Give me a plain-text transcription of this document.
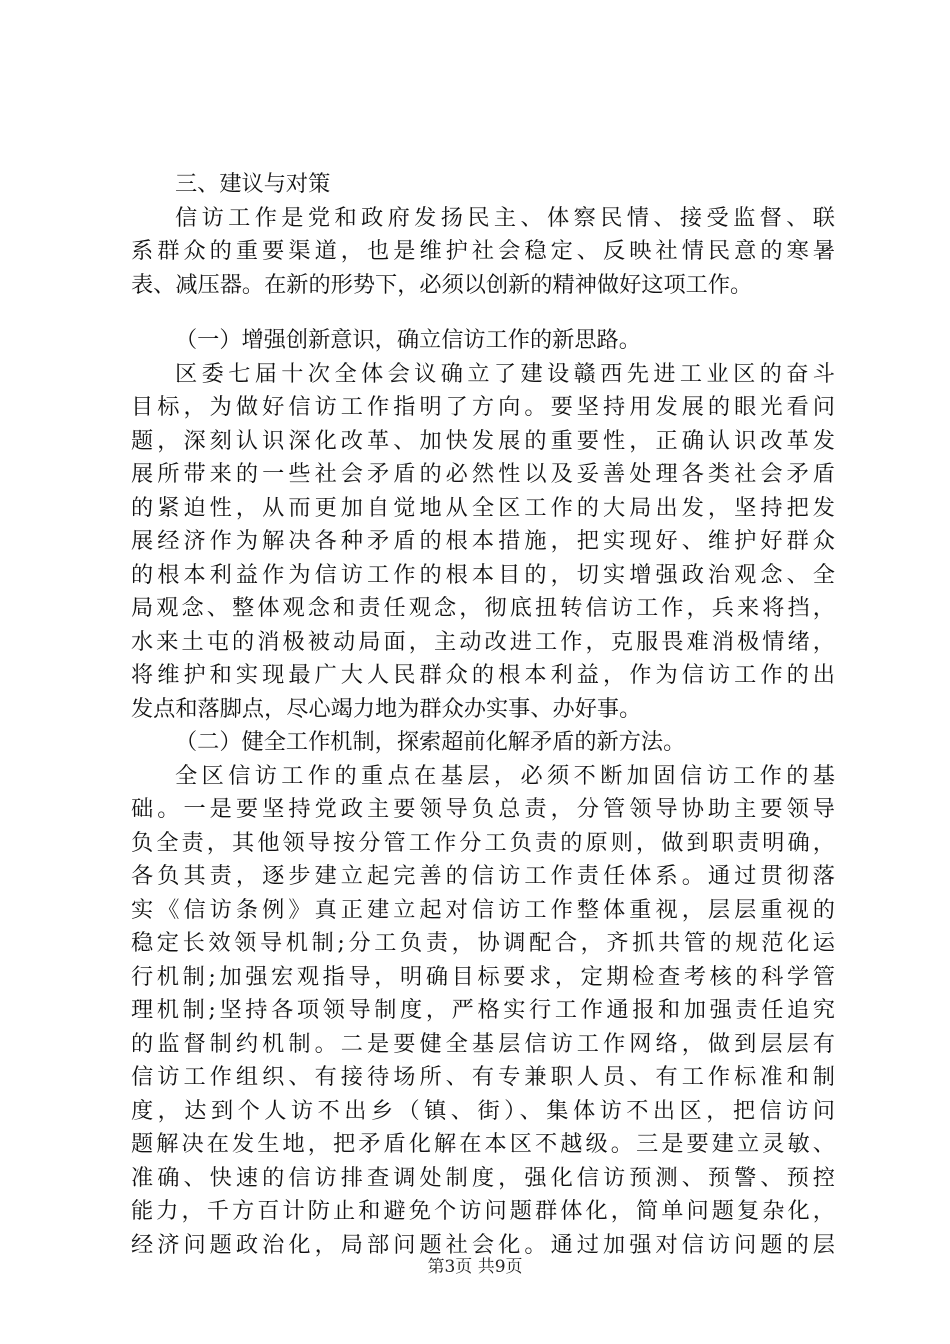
三、建议与对策
信访工作是党和政府发扬民主、体察民情、接受监督、联
系群众的重要渠道，也是维护社会稳定、反映社情民意的寒暑
表、减压器。在新的形势下，必须以创新的精神做好这项工作。
（一）增强创新意识，确立信访工作的新思路。
区委七届十次全体会议确立了建设赣西先进工业区的奋斗
目标，为做好信访工作指明了方向。要坚持用发展的眼光看问
题，深刻认识深化改革、加快发展的重要性，正确认识改革发
展所带来的一些社会矛盾的必然性以及妥善处理各类社会矛盾
的紧迫性，从而更加自觉地从全区工作的大局出发，坚持把发
展经济作为解决各种矛盾的根本措施，把实现好、维护好群众
的根本利益作为信访工作的根本目的，切实增强政治观念、全
局观念、整体观念和责任观念，彻底扭转信访工作，兵来将挡，
水来土屯的消极被动局面，主动改进工作，克服畏难消极情绪，
将维护和实现最广大人民群众的根本利益，作为信访工作的出
发点和落脚点，尽心竭力地为群众办实事、办好事。
（二）健全工作机制，探索超前化解矛盾的新方法。
全区信访工作的重点在基层，必须不断加固信访工作的基
础。一是要坚持党政主要领导负总责，分管领导协助主要领导
负全责，其他领导按分管工作分工负责的原则，做到职责明确，
各负其责，逐步建立起完善的信访工作责任体系。通过贯彻落
实《信访条例》真正建立起对信访工作整体重视，层层重视的
稳定长效领导机制;分工负责，协调配合，齐抓共管的规范化运
行机制;加强宏观指导，明确目标要求，定期检查考核的科学管
理机制;坚持各项领导制度，严格实行工作通报和加强责任追究
的监督制约机制。二是要健全基层信访工作网络，做到层层有
信访工作组织、有接待场所、有专兼职人员、有工作标准和制
度，达到个人访不出乡（镇、街）、集体访不出区，把信访问
题解决在发生地，把矛盾化解在本区不越级。三是要建立灵敏、
准确、快速的信访排查调处制度，强化信访预测、预警、预控
能力，千方百计防止和避免个访问题群体化，简单问题复杂化，
经济问题政治化，局部问题社会化。通过加强对信访问题的层
第3页 共9页
